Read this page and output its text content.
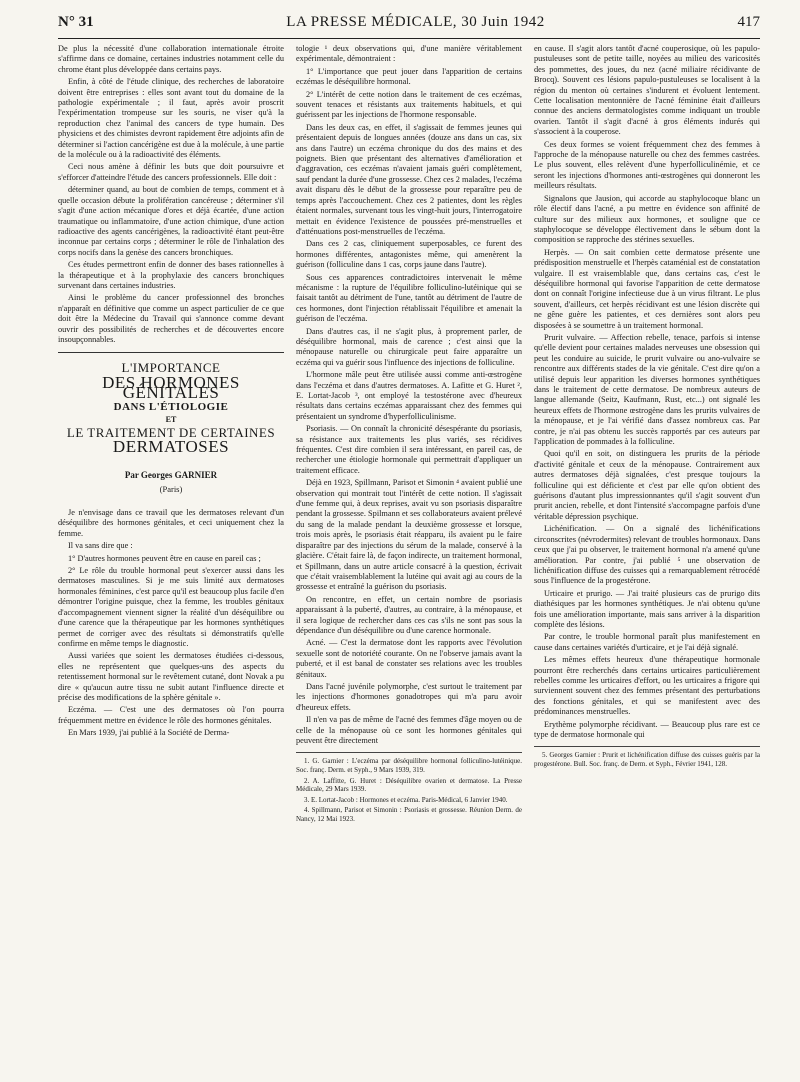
N° 31	LA PRESSE MÉDICALE, 30 Juin 1942	417

De plus la nécessité d'une collaboration internationale étroite s'affirme dans ce domaine, certaines industries notamment celle du chrome étant plus développée dans certains pays.

Enfin, à côté de l'étude clinique, des recherches de laboratoire doivent être entreprises : elles sont avant tout du domaine de la pathologie expérimentale ; il faut, après avoir proscrit l'expérimentation trompeuse sur les souris, ne viser qu'à la reproduction chez l'animal des cancers de type humain. Des physiciens et des chimistes devront rapidement être adjoints afin de déterminer si l'action cancérigène est due à la molécule, à une partie de la molécule ou à la radioactivité des éléments.

Ceci nous amène à définir les buts que doit poursuivre et s'efforcer d'atteindre l'étude des cancers professionnels. Elle doit :

déterminer quand, au bout de combien de temps, comment et à quelle occasion débute la prolifération cancéreuse ; déterminer s'il s'agit d'une action mécanique d'ores et déjà écartée, d'une action traumatique ou inflammatoire, d'une action chimique, d'une action radioactive des agents cancérigènes, la radioactivité étant peut-être inconnue par certains corps ; déterminer le rôle de l'inhalation des corps nocifs dans la genèse des cancers bronchiques.

Ces études permettront enfin de donner des bases rationnelles à la thérapeutique et à la prophylaxie des cancers bronchiques survenant dans certaines industries.

Ainsi le problème du cancer professionnel des bronches n'apparaît en définitive que comme un aspect particulier de ce que doit être la Médecine du Travail qui s'annonce comme devant ouvrir des possibilités de recherches et de découvertes encore insoupçonnables.

L'IMPORTANCE
DES HORMONES GÉNITALES
DANS L'ÉTIOLOGIE
ET
LE TRAITEMENT DE CERTAINES
DERMATOSES
Par Georges GARNIER
(Paris)

Je n'envisage dans ce travail que les dermatoses relevant d'un déséquilibre des hormones génitales, et ceci uniquement chez la femme.

Il va sans dire que :

1° D'autres hormones peuvent être en cause en pareil cas ;

2° Le rôle du trouble hormonal peut s'exercer aussi dans les dermatoses masculines. Si je me suis limité aux dermatoses hormonales féminines, c'est parce qu'il est beaucoup plus facile d'en démontrer l'origine puisque, chez la femme, les troubles génitaux d'accompagnement viennent signer la réalité d'un déséquilibre ou d'une carence que la thérapeutique par les hormones synthétiques permet de corriger avec des résultats si démonstratifs qu'elle confirme en même temps le diagnostic.

Aussi variées que soient les dermatoses étudiées ci-dessous, elles ne représentent que quelques-uns des aspects du retentissement hormonal sur le revêtement cutané, dont Novak a pu dire « qu'aucun autre tissu ne subit autant l'influence directe et précise des modifications de la sphère génitale ».

Eczéma. — C'est une des dermatoses où l'on pourra fréquemment mettre en évidence le rôle des hormones génitales.

En Mars 1939, j'ai publié à la Société de Derma-

tologie ¹ deux observations qui, d'une manière véritablement expérimentale, démontraient :

1° L'importance que peut jouer dans l'apparition de certains eczémas le déséquilibre hormonal.

2° L'intérêt de cette notion dans le traitement de ces eczémas, souvent tenaces et résistants aux traitements habituels, et qui guérissent par les injections de l'hormone responsable.

Dans les deux cas, en effet, il s'agissait de femmes jeunes qui présentaient depuis de longues années (douze ans dans un cas, six ans dans l'autre) un eczéma chronique du dos des mains et des poignets. Bien que présentant des alternatives d'amélioration et d'aggravation, ces eczémas n'avaient jamais guéri complètement, sauf pendant la durée d'une grossesse. Chez ces 2 malades, l'eczéma avait disparu dès le début de la grossesse pour reparaître peu de temps après l'accouchement. Chez ces 2 patientes, dont les règles étaient normales, survenant tous les vingt-huit jours, l'interrogatoire mettait en évidence l'existence de poussées pré-menstruelles et d'atténuations post-menstruelles de l'eczéma.

Dans ces 2 cas, cliniquement superposables, ce furent des hormones différentes, antagonistes même, qui amenèrent la guérison (folliculine dans 1 cas, corps jaune dans l'autre).

Sous ces apparences contradictoires intervenait le même mécanisme : la rupture de l'équilibre folliculino-lutéinique qui se faisait tantôt au détriment de l'une, tantôt au détriment de l'autre de ces hormones, dont l'injection rétablissait l'équilibre et amenait la guérison de l'eczéma.

Dans d'autres cas, il ne s'agit plus, à proprement parler, de déséquilibre hormonal, mais de carence ; c'est ainsi que la ménopause naturelle ou chirurgicale peut faire apparaître un eczéma qui va guérir sous l'influence des injections de folliculine.

L'hormone mâle peut être utilisée aussi comme anti-œstrogène dans l'eczéma et dans d'autres dermatoses. A. Lafitte et G. Huret ², E. Lortat-Jacob ³, ont employé la testostérone avec d'heureux résultats dans certains eczémas apparaissant chez des femmes qui présentaient un syndrome d'hyperfolliculinisme.

Psoriasis. — On connaît la chronicité désespérante du psoriasis, sa résistance aux traitements les plus variés, ses récidives fréquentes. C'est dire combien il sera intéressant, en pareil cas, de rechercher une étiologie hormonale qui permettrait d'appliquer un traitement efficace.

Déjà en 1923, Spillmann, Parisot et Simonin ⁴ avaient publié une observation qui montrait tout l'intérêt de cette notion. Il s'agissait d'une femme qui, à deux reprises, avait vu son psoriasis disparaître pendant la grossesse. Spilmann et ses collaborateurs avaient prélevé du sang de la malade pendant la deuxième grossesse et lorsque, trois mois après, le psoriasis était réapparu, ils avaient pu le faire disparaître par des injections du sérum de la malade, conservé à la glacière. C'était faire là, de façon indirecte, un traitement hormonal, et Spillmann, dans un autre article consacré à la question, écrivait que c'était vraisemblablement la lutéine qui avait agi au cours de la grossesse et entraîné la guérison du psoriasis.

On rencontre, en effet, un certain nombre de psoriasis apparaissant à la puberté, d'autres, au contraire, à la ménopause, et il sera logique de rechercher dans ces cas s'ils ne sont pas sous la dépendance d'un déséquilibre ou d'une carence hormonale.

Acné. — C'est la dermatose dont les rapports avec l'évolution sexuelle sont de notoriété courante. On ne l'observe jamais avant la puberté, et il est banal de constater ses relations avec les troubles génitaux.

Dans l'acné juvénile polymorphe, c'est surtout le traitement par les injections d'hormones gonadotropes qui m'a paru avoir d'heureux effets.

Il n'en va pas de même de l'acné des femmes d'âge moyen ou de celle de la ménopause où ce sont les hormones génitales qui peuvent être directement

1. G. Garnier : L'eczéma par déséquilibre hormonal folliculino-lutéinique. Soc. franç. Derm. et Syph., 9 Mars 1939, 319.
2. A. Laffitte, G. Huret : Déséquilibre ovarien et dermatose. La Presse Médicale, 29 Mars 1939.
3. E. Lortat-Jacob : Hormones et eczéma. Paris-Médical, 6 Janvier 1940.
4. Spillmann, Parisot et Simonin : Psoriasis et grossesse. Réunion Derm. de Nancy, 12 Mai 1923.

en cause. Il s'agit alors tantôt d'acné couperosique, où les papulo-pustuleuses sont de petite taille, noyées au milieu des varicosités des pommettes, des joues, du nez (acné miliaire récidivante de Brocq). Souvent ces lésions papulo-pustuleuses se localisent à la région du menton où certaines s'indurent et évoluent lentement. Cette localisation mentonnière de l'acné féminine était d'ailleurs connue des anciens dermatologistes comme indiquant un trouble ovarien. Tantôt il s'agit d'acné à gros éléments indurés qui s'associent à la couperose.

Ces deux formes se voient fréquemment chez des femmes à l'approche de la ménopause naturelle ou chez des femmes castrées. Le plus souvent, elles relèvent d'une hyperfolliculinémie, et ce seront les injections d'hormones anti-œstrogènes qui donneront les meilleurs résultats.

Signalons que Jausion, qui accorde au staphylocoque blanc un rôle électif dans l'acné, a pu mettre en évidence son affinité de culture sur des milieux aux hormones, et souligne que ce staphylocoque se développe électivement dans le sébum dont la composition se rapproche des stérines sexuelles.

Herpès. — On sait combien cette dermatose présente une prédisposition menstruelle et l'herpès cataménial est de constatation vulgaire. Il est vraisemblable que, dans certains cas, c'est le déséquilibre hormonal qui favorise l'apparition de cette dermatose dont on connaît l'origine infectieuse due à un virus filtrant. Le plus souvent, d'ailleurs, cet herpès récidivant est une lésion discrète qui ne gêne guère les patientes, et ces dernières sont alors peu disposées à se soumettre à un traitement hormonal.

Prurit vulvaire. — Affection rebelle, tenace, parfois si intense qu'elle devient pour certaines malades nerveuses une obsession qui peut les conduire au suicide, le prurit vulvaire ou ano-vulvaire se rencontre aux différents stades de la vie génitale. C'est dire qu'on a utilisé depuis leur apparition les diverses hormones synthétiques dans le traitement de cette dermatose. De nombreux auteurs de langue allemande (Seitz, Kaufmann, Rust, etc...) ont signalé les heureux effets de l'hormone œstrogène dans les prurits vulvaires de la ménopause, et je l'ai vérifié dans d'assez nombreux cas. Par contre, je n'ai pas obtenu les succès rapportés par ces auteurs par l'application de pommades à la folliculine.

Quoi qu'il en soit, on distinguera les prurits de la période d'activité génitale et ceux de la ménopause. Contrairement aux autres dermatoses déjà signalées, c'est presque toujours la folliculine qui est déficiente et c'est par elle qu'on obtient des guérisons d'autant plus impressionnantes qu'il s'agit souvent d'un prurit ancien, rebelle, et dont l'intensité s'accompagne parfois d'une véritable dépression psychique.

Lichénification. — On a signalé des lichénifications circonscrites (névrodermites) relevant de troubles hormonaux. Dans ceux que j'ai pu observer, le traitement hormonal n'a amené qu'une amélioration. Par contre, j'ai publié ⁵ une observation de lichénification diffuse des cuisses qui a remarquablement rétrocédé sous l'influence de la progestérone.

Urticaire et prurigo. — J'ai traité plusieurs cas de prurigo dits diathésiques par les hormones synthétiques. Je n'ai obtenu qu'une fois une amélioration importante, mais sans arriver à la disparition complète des lésions.

Par contre, le trouble hormonal paraît plus manifestement en cause dans certaines variétés d'urticaire, et je l'ai déjà signalé.

Les mêmes effets heureux d'une thérapeutique hormonale pourront être recherchés dans certains urticaires particulièrement rebelles comme les urticaires d'effort, ou les urticaires a frigore qui surviennent souvent chez des femmes présentant des perturbations des fonctions génitales, et qui se manifestent avec des prédominances menstruelles.

Erythème polymorphe récidivant. — Beaucoup plus rare est ce type de dermatose hormonale qui

5. Georges Garnier : Prurit et lichénification diffuse des cuisses guéris par la progestérone. Bull. Soc. franç. de Derm. et Syph., Février 1941, 128.
